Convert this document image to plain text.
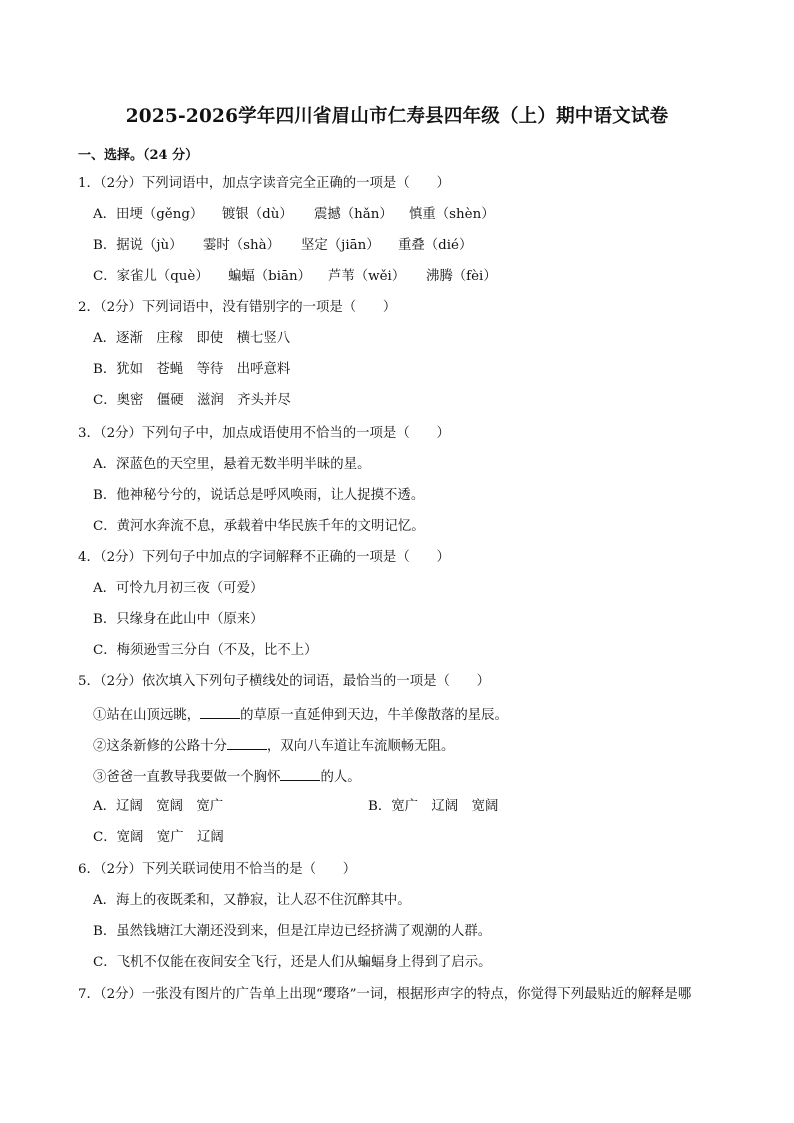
2025-2026学年四川省眉山市仁寿县四年级（上）期中语文试卷
一、选择。（24 分）
1．（2分）下列词语中，加点字读音完全正确的一项是（　　）
A．田埂（gěng） 镀银（dù） 震撼（hǎn） 慎重（shèn）
B．据说（jù） 霎时（shà） 坚定（jiān） 重叠（dié）
C．家雀儿（què） 蝙蝠（biān） 芦苇（wěi） 沸腾（fèi）
2．（2分）下列词语中，没有错别字的一项是（　　）
A．逐渐　庄稼　即使　横七竖八
B．犹如　苍蝇　等待　出呼意料
C．奥密　僵硬　滋润　齐头并尽
3．（2分）下列句子中，加点成语使用不恰当的一项是（　　）
A．深蓝色的天空里，悬着无数半明半昧的星。
B．他神秘兮兮的，说话总是呼风唤雨，让人捉摸不透。
C．黄河水奔流不息，承载着中华民族千年的文明记忆。
4．（2分）下列句子中加点的字词解释不正确的一项是（　　）
A．可怜九月初三夜（可爱）
B．只缘身在此山中（原来）
C．梅须逊雪三分白（不及，比不上）
5．（2分）依次填入下列句子横线处的词语，最恰当的一项是（　　）
①站在山顶远眺，	的草原一直延伸到天边，牛羊像散落的星辰。
②这条新修的公路十分	，双向八车道让车流顺畅无阻。
③爸爸一直教导我要做一个胸怀	的人。
A．辽阔　宽阔　宽广	B．宽广　辽阔　宽阔
C．宽阔　宽广　辽阔
6．（2分）下列关联词使用不恰当的是（　　）
A．海上的夜既柔和，又静寂，让人忍不住沉醉其中。
B．虽然钱塘江大潮还没到来，但是江岸边已经挤满了观潮的人群。
C．飞机不仅能在夜间安全飞行，还是人们从蝙蝠身上得到了启示。
7．（2分）一张没有图片的广告单上出现“璎珞”一词，根据形声字的特点，你觉得下列最贴近的解释是哪
